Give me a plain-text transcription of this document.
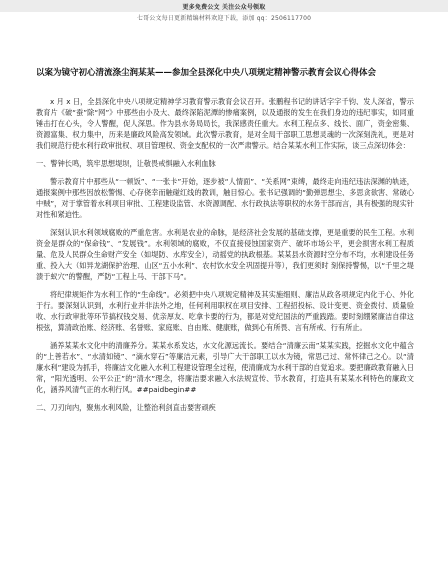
更多免费公文 关注公众号领取
七哥公文每日更新精编材料欢迎下载，添加 qq：2506117700
以案为镜守初心清流涤尘润某某——参加全县深化中央八项规定精神警示教育会议心得体会

x 月 x 日，全县深化中央八项规定精神学习教育警示教育会议召开。张鹏程书记的讲话字字千钧、发人深省，警示教育片《破“蚕”除“网”》中那些由小及大、最终深陷泥潭的惨痛案例，以及通报的发生在我们身边的违纪事实，如同重锤击打在心头，令人警醒，促人深思。作为县水务局局长，我深感责任重大。水利工程点多、线长、面广，资金密集、资源富集、权力集中，历来是廉政风险高发领域。此次警示教育，是对全局干部职工思想灵魂的一次深刻洗礼，更是对我们规范行使水利行政审批权、项目管理权、资金支配权的一次严肃警示。结合某某水利工作实际，谈三点深切体会：

一、警钟长鸣，筑牢思想堤坝，让敬畏戒惧融入水利血脉

警示教育片中那些从“一顿饭”、“一张卡”开始，逐步被“人情面”、“关系网”束缚，最终走向违纪违法深渊的轨迹，通报案例中那些因放松警惕、心存侥幸而触碰红线的教训，触目惊心。张书记强调的“勤弹思想尘、多思贪欲害、常破心中贼”，对于掌管着水利项目审批、工程建设监管、水资源调配、水行政执法等职权的水务干部而言，具有极强的现实针对性和紧迫性。

深刻认识水利领域腐败的严重危害。水利是农业的命脉，是经济社会发展的基础支撑，更是重要的民生工程。水利资金是群众的“保命钱”、“发展钱”。水利领域的腐败，不仅直接侵蚀国家资产、破坏市场公平，更会损害水利工程质量、危及人民群众生命财产安全（如堤防、水库安全），动摇党的执政根基。某某县水资源时空分布不均，水利建设任务重、投入大（如异龙湖保护治理、山区“五小水利”、农村饮水安全巩固提升等），我们更须时 刻保持警惕，以“千里之堤溃于蚁穴”的警醒，严防“工程上马、干部下马”。

将纪律规矩作为水利工作的“生命线”。必须把中央八项规定精神及其实施细则、廉洁从政各项规定内化于心、外化于行。要深刻认识到，水利行业并非法外之地，任何利用职权在项目安排、工程招投标、设计变更、资金拨付、质量验收、水行政审批等环节搞权钱交易、优亲厚友、吃拿卡要的行为，都是对党纪国法的严重践踏。要时刻绷紧廉洁自律这根弦，算清政治账、经济账、名誉账、家庭账、自由账、健康账，做到心有所畏、言有所戒、行有所止。

涵养某某水文化中的清廉养分。某某水系发达，水文化源远流长。要结合“清廉云南”某某实践，挖掘水文化中蕴含的“上善若水”、“水清如镜”、“滴水穿石”等廉洁元素，引导广大干部职工以水为镜，常思己过、常怀律己之心。以“清廉水利”建设为抓手，将廉洁文化融入水利工程建设管理全过程，使清廉成为水利干部的自觉追求。要把廉政教育融入日常，“阳光透明、公平公正”的“清水”理念，将廉洁要求融入水法规宣传、节水教育，打造具有某某水利特色的廉政文化，涵养风清气正的水利行风。##paidbegin##

二、刀刃向内，聚焦水利风险，让整治利剑直击要害顽疾
